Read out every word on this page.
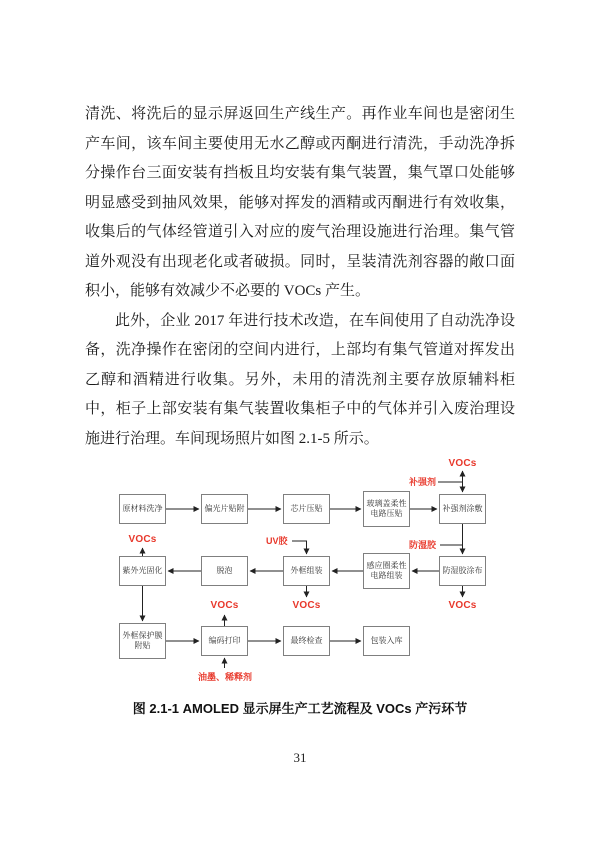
清洗、将洗后的显示屏返回生产线生产。再作业车间也是密闭生产车间，该车间主要使用无水乙醇或丙酮进行清洗，手动洗净拆分操作台三面安装有挡板且均安装有集气装置，集气罩口处能够明显感受到抽风效果，能够对挥发的酒精或丙酮进行有效收集，收集后的气体经管道引入对应的废气治理设施进行治理。集气管道外观没有出现老化或者破损。同时，呈装清洗剂容器的敞口面积小，能够有效减少不必要的 VOCs 产生。

此外，企业 2017 年进行技术改造，在车间使用了自动洗净设备，洗净操作在密闭的空间内进行，上部均有集气管道对挥发出乙醇和酒精进行收集。另外，未用的清洗剂主要存放原辅料柜中，柜子上部安装有集气装置收集柜子中的气体并引入废治理设施进行治理。车间现场照片如图 2.1-5 所示。

原材料洗净	偏光片贴附	芯片压贴
玻璃盖柔性电路压贴
补强剂涂敷
紫外光固化	脱泡	外框组装
感应圈柔性电路组装
防湿胶涂布
外框保护膜附贴
编码打印	最终检查	包装入库
VOCs
补强剂
VOCs	UV胶	防湿胶
VOCs	VOCs	VOCs
油墨、稀释剂
图 2.1-1 AMOLED 显示屏生产工艺流程及 VOCs 产污环节
31
